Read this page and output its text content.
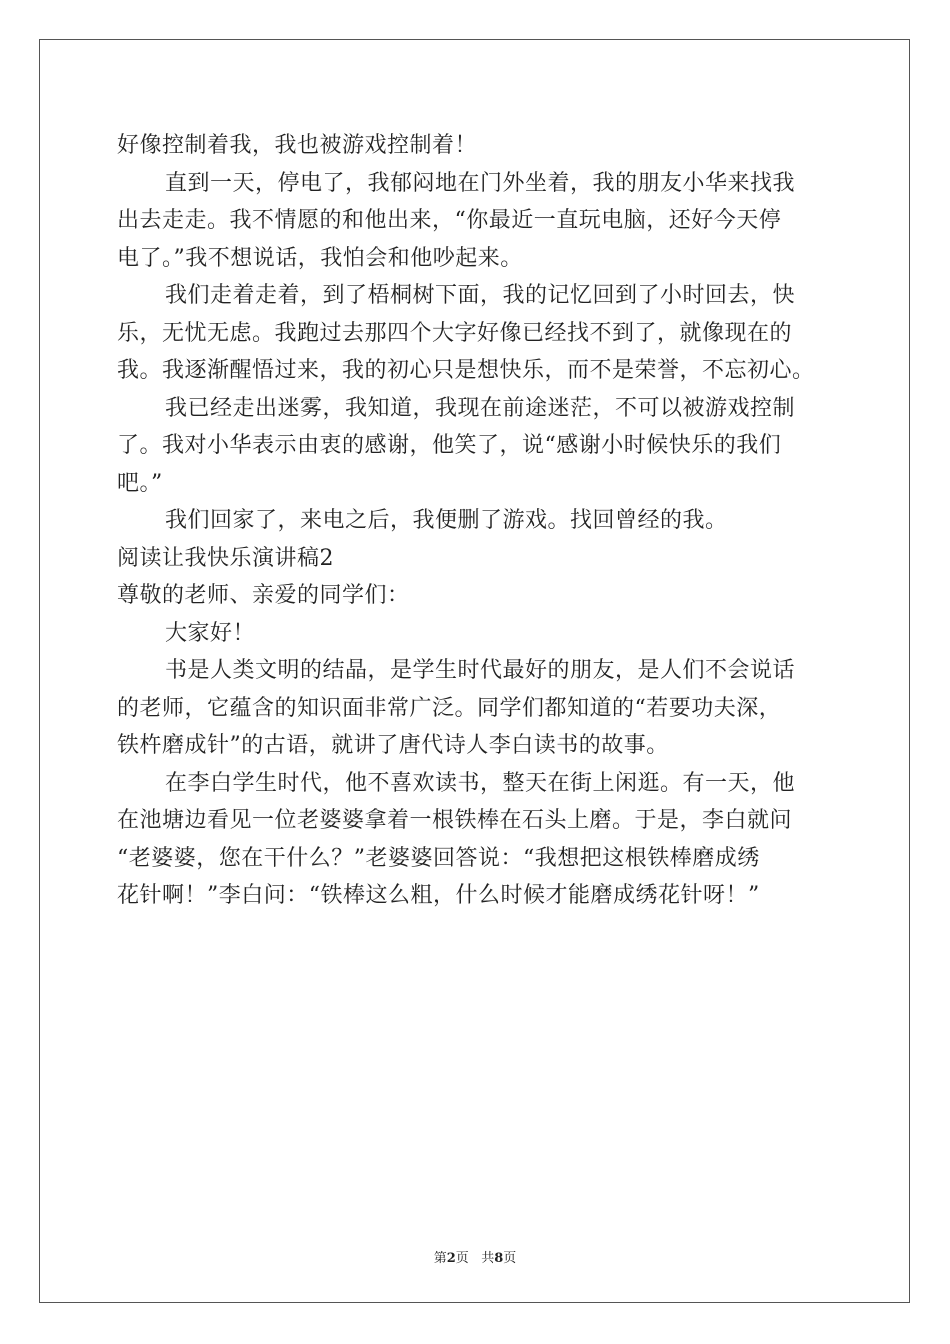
好像控制着我，我也被游戏控制着！
直到一天，停电了，我郁闷地在门外坐着，我的朋友小华来找我
出去走走。我不情愿的和他出来，“你最近一直玩电脑，还好今天停
电了。”我不想说话，我怕会和他吵起来。
我们走着走着，到了梧桐树下面，我的记忆回到了小时回去，快
乐，无忧无虑。我跑过去那四个大字好像已经找不到了，就像现在的
我。我逐渐醒悟过来，我的初心只是想快乐，而不是荣誉，不忘初心。
我已经走出迷雾，我知道，我现在前途迷茫，不可以被游戏控制
了。我对小华表示由衷的感谢，他笑了，说“感谢小时候快乐的我们
吧。”
我们回家了，来电之后，我便删了游戏。找回曾经的我。
阅读让我快乐演讲稿2
尊敬的老师、亲爱的同学们：
大家好！
书是人类文明的结晶，是学生时代最好的朋友，是人们不会说话
的老师，它蕴含的知识面非常广泛。同学们都知道的“若要功夫深，
铁杵磨成针”的古语，就讲了唐代诗人李白读书的故事。
在李白学生时代，他不喜欢读书，整天在街上闲逛。有一天，他
在池塘边看见一位老婆婆拿着一根铁棒在石头上磨。于是，李白就问
“老婆婆，您在干什么？”老婆婆回答说：“我想把这根铁棒磨成绣
花针啊！”李白问：“铁棒这么粗，什么时候才能磨成绣花针呀！”
第2页 共8页
